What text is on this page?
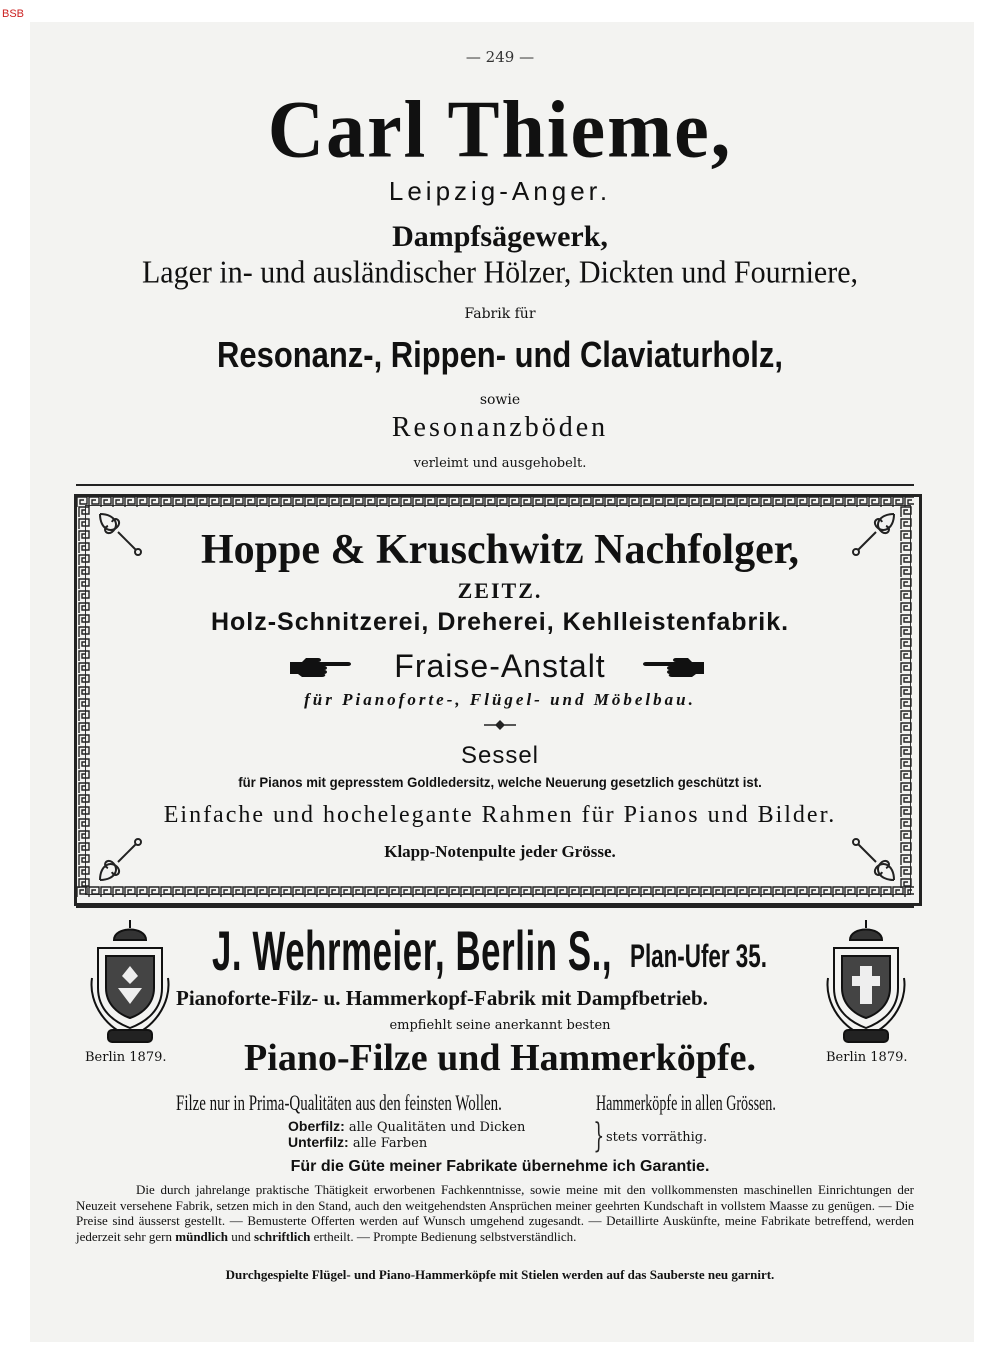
BSB
— 249 —
Carl Thieme,
Leipzig-Anger.
Dampfsägewerk,
Lager in- und ausländischer Hölzer, Dickten und Fourniere,
Fabrik für
Resonanz-, Rippen- und Claviaturholz,
sowie
Resonanzböden
verleimt und ausgehobelt.
Hoppe & Kruschwitz Nachfolger,
ZEITZ.
Holz-Schnitzerei, Dreherei, Kehlleistenfabrik.
Fraise-Anstalt
für Pianoforte-, Flügel- und Möbelbau.
Sessel
für Pianos mit gepresstem Goldledersitz, welche Neuerung gesetzlich geschützt ist.
Einfache und hochelegante Rahmen für Pianos und Bilder.
Klapp-Notenpulte jeder Grösse.
J. Wehrmeier, Berlin S., Plan-Ufer 35.
Pianoforte-Filz- u. Hammerkopf-Fabrik mit Dampfbetrieb.
empfiehlt seine anerkannt besten
Berlin 1879.	Piano-Filze und Hammerköpfe.	Berlin 1879.
Filze nur in Prima-Qualitäten aus den feinsten Wollen.	Hammerköpfe in allen Grössen.
Oberfilz: alle Qualitäten und Dicken
Unterfilz: alle Farben	} stets vorräthig.
Für die Güte meiner Fabrikate übernehme ich Garantie.
Die durch jahrelange praktische Thätigkeit erworbenen Fachkenntnisse, sowie meine mit den vollkommensten maschinellen Einrichtungen der Neuzeit versehene Fabrik, setzen mich in den Stand, auch den weitgehendsten Ansprüchen meiner geehrten Kundschaft in vollstem Maasse zu genügen. — Die Preise sind äusserst gestellt. — Bemusterte Offerten werden auf Wunsch umgehend zugesandt. — Detaillirte Auskünfte, meine Fabrikate betreffend, werden jederzeit sehr gern mündlich und schriftlich ertheilt. — Prompte Bedienung selbstverständlich.
Durchgespielte Flügel- und Piano-Hammerköpfe mit Stielen werden auf das Sauberste neu garnirt.
